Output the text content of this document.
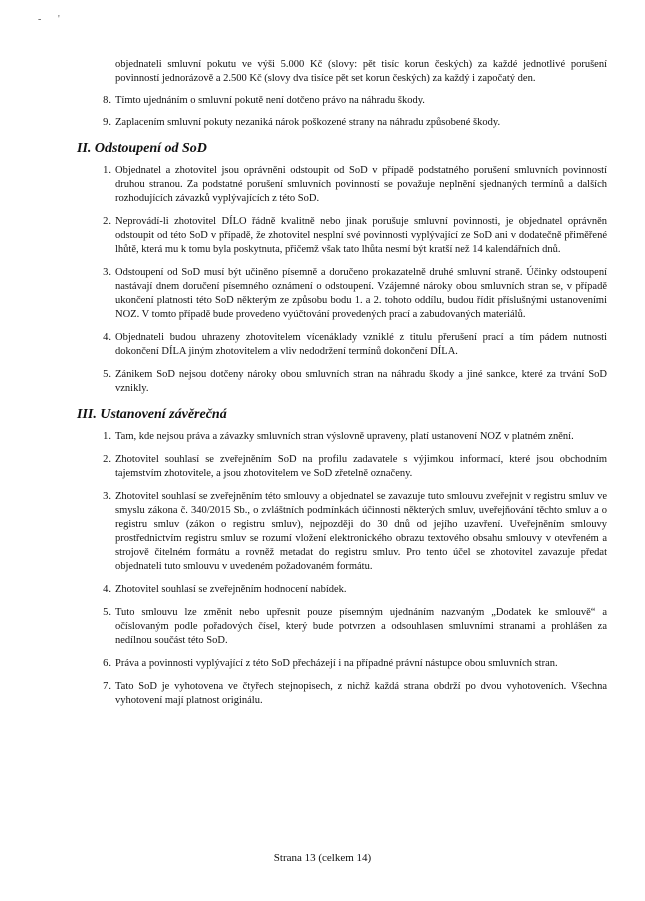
- '

objednateli smluvní pokutu ve výši 5.000 Kč (slovy: pět tisíc korun českých) za každé jednotlivé porušení povinností jednorázově a 2.500 Kč (slovy dva tisíce pět set korun českých) za každý i započatý den.

8. Tímto ujednáním o smluvní pokutě není dotčeno právo na náhradu škody.

9. Zaplacením smluvní pokuty nezaniká nárok poškozené strany na náhradu způsobené škody.

II. Odstoupení od SoD
1. Objednatel a zhotovitel jsou oprávněni odstoupit od SoD v případě podstatného porušení smluvních povinností druhou stranou. Za podstatné porušení smluvních povinností se považuje neplnění sjednaných termínů a dalších rozhodujících závazků vyplývajících z této SoD.

2. Neprovádí-li zhotovitel DÍLO řádně kvalitně nebo jinak porušuje smluvní povinnosti, je objednatel oprávněn odstoupit od této SoD v případě, že zhotovitel nesplní své povinnosti vyplývající ze SoD ani v dodatečně přiměřené lhůtě, která mu k tomu byla poskytnuta, přičemž však tato lhůta nesmí být kratší než 14 kalendářních dnů.

3. Odstoupení od SoD musí být učiněno písemně a doručeno prokazatelně druhé smluvní straně. Účinky odstoupení nastávají dnem doručení písemného oznámení o odstoupení. Vzájemné nároky obou smluvních stran se, v případě ukončení platnosti této SoD některým ze způsobu bodu 1. a 2. tohoto oddílu, budou řídit příslušnými ustanoveními NOZ. V tomto případě bude provedeno vyúčtování provedených prací a zabudovaných materiálů.

4. Objednateli budou uhrazeny zhotovitelem vícenáklady vzniklé z titulu přerušení prací a tím pádem nutnosti dokončení DÍLA jiným zhotovitelem a vliv nedodržení termínů dokončení DÍLA.

5. Zánikem SoD nejsou dotčeny nároky obou smluvních stran na náhradu škody a jiné sankce, které za trvání SoD vznikly.

III. Ustanovení závěrečná
1. Tam, kde nejsou práva a závazky smluvních stran výslovně upraveny, platí ustanovení NOZ v platném znění.

2. Zhotovitel souhlasí se zveřejněním SoD na profilu zadavatele s výjimkou informací, které jsou obchodním tajemstvím zhotovitele, a jsou zhotovitelem ve SoD zřetelně označeny.

3. Zhotovitel souhlasí se zveřejněním této smlouvy a objednatel se zavazuje tuto smlouvu zveřejnit v registru smluv ve smyslu zákona č. 340/2015 Sb., o zvláštních podmínkách účinnosti některých smluv, uveřejňování těchto smluv a o registru smluv (zákon o registru smluv), nejpozději do 30 dnů od jejího uzavření. Uveřejněním smlouvy prostřednictvím registru smluv se rozumí vložení elektronického obrazu textového obsahu smlouvy v otevřeném a strojově čitelném formátu a rovněž metadat do registru smluv. Pro tento účel se zhotovitel zavazuje předat objednateli tuto smlouvu v uvedeném požadovaném formátu.

4. Zhotovitel souhlasí se zveřejněním hodnocení nabídek.

5. Tuto smlouvu lze změnit nebo upřesnit pouze písemným ujednáním nazvaným „Dodatek ke smlouvě“ a očíslovaným podle pořadových čísel, který bude potvrzen a odsouhlasen smluvními stranami a prohlášen za nedílnou součást této SoD.

6. Práva a povinnosti vyplývající z této SoD přecházejí i na případné právní nástupce obou smluvních stran.

7. Tato SoD je vyhotovena ve čtyřech stejnopisech, z nichž každá strana obdrží po dvou vyhotoveních. Všechna vyhotovení mají platnost originálu.

Strana 13 (celkem 14)
